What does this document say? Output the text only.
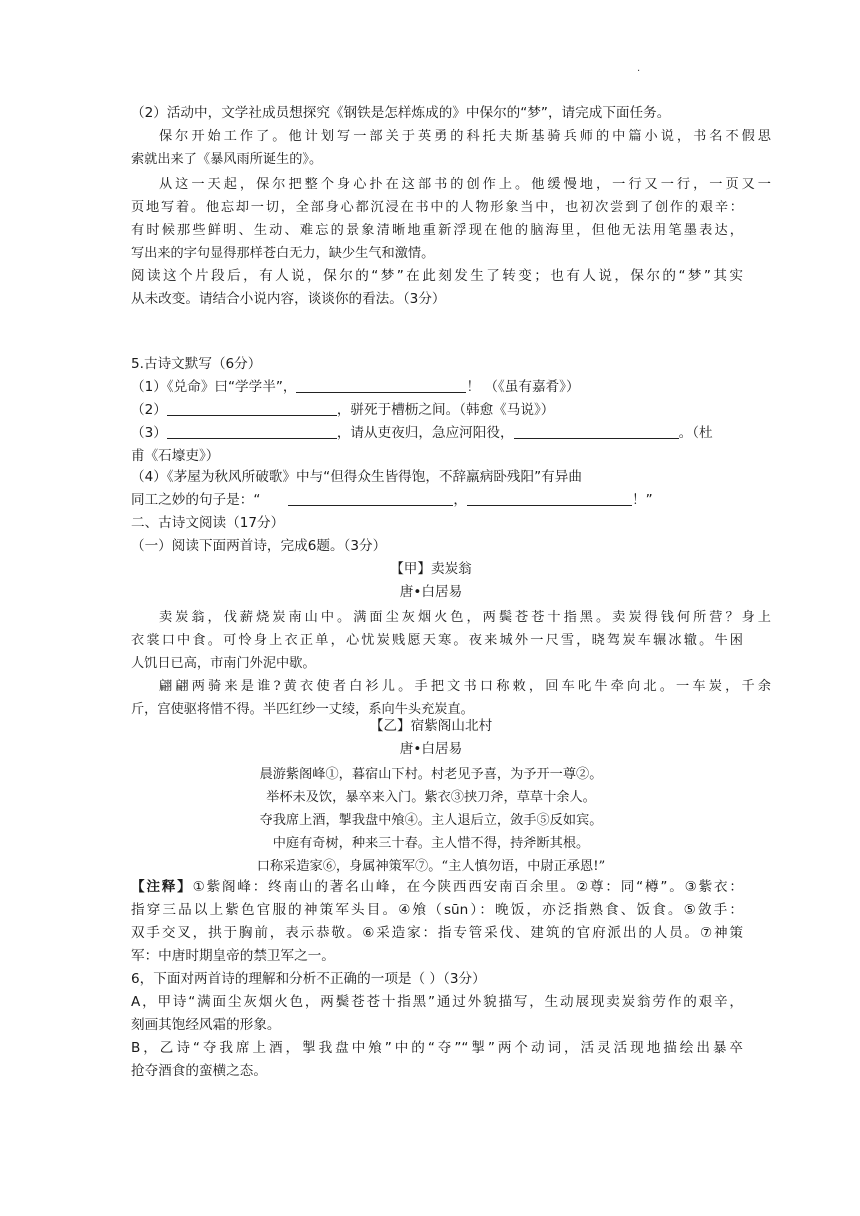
·
（2）活动中，文学社成员想探究《钢铁是怎样炼成的》中保尔的“梦”，请完成下面任务。
保尔开始工作了。他计划写一部关于英勇的科托夫斯基骑兵师的中篇小说，书名不假思
索就出来了《暴风雨所诞生的》。
从这一天起，保尔把整个身心扑在这部书的创作上。他缓慢地，一行又一行，一页又一
页地写着。他忘却一切，全部身心都沉浸在书中的人物形象当中，也初次尝到了创作的艰辛：
有时候那些鲜明、生动、难忘的景象清晰地重新浮现在他的脑海里，但他无法用笔墨表达，
写出来的字句显得那样苍白无力，缺少生气和激情。
阅读这个片段后，有人说，保尔的“梦”在此刻发生了转变；也有人说，保尔的“梦”其实
从未改变。请结合小说内容，谈谈你的看法。（3分）
5.古诗文默写（6分）
（1）《兑命》曰“学学半”，	！ （《虽有嘉肴》）
（2）	，骈死于槽枥之间。（韩愈《马说》）
（3）	，请从吏夜归，急应河阳役，	。（杜
甫《石壕吏》）
（4）《茅屋为秋风所破歌》中与“但得众生皆得饱，不辞羸病卧残阳”有异曲
同工之妙的句子是：“	，	！”
二、古诗文阅读（17分）
（一）阅读下面两首诗，完成6题。（3分）
【甲】卖炭翁
唐•白居易
卖炭翁，伐薪烧炭南山中。满面尘灰烟火色，两鬓苍苍十指黑。卖炭得钱何所营？身上
衣裳口中食。可怜身上衣正单，心忧炭贱愿天寒。夜来城外一尺雪，晓驾炭车辗冰辙。牛困
人饥日已高，市南门外泥中歇。
翩翩两骑来是谁?黄衣使者白衫儿。手把文书口称敕，回车叱牛牵向北。一车炭，千余
斤，宫使驱将惜不得。半匹红纱一丈绫，系向牛头充炭直。
【乙】宿紫阁山北村
唐•白居易
晨游紫阁峰①，暮宿山下村。村老见予喜，为予开一尊②。
举杯未及饮，暴卒来入门。紫衣③挟刀斧，草草十余人。
夺我席上酒，掣我盘中飧④。主人退后立，敛手⑤反如宾。
中庭有奇树，种来三十春。主人惜不得，持斧断其根。
口称采造家⑥，身属神策军⑦。“主人慎勿语，中尉正承恩!”
【注释】①紫阁峰：终南山的著名山峰，在今陕西西安南百余里。②尊：同“樽”。③紫衣：
指穿三品以上紫色官服的神策军头目。④飧（sūn）：晚饭，亦泛指熟食、饭食。⑤敛手：
双手交叉，拱于胸前，表示恭敬。⑥采造家：指专管采伐、建筑的官府派出的人员。⑦神策
军：中唐时期皇帝的禁卫军之一。
6，下面对两首诗的理解和分析不正确的一项是（ ）（3分）
A，甲诗“满面尘灰烟火色，两鬓苍苍十指黑”通过外貌描写，生动展现卖炭翁劳作的艰辛，
刻画其饱经风霜的形象。
B，乙诗“夺我席上酒，掣我盘中飧”中的“夺”“掣”两个动词，活灵活现地描绘出暴卒
抢夺酒食的蛮横之态。
